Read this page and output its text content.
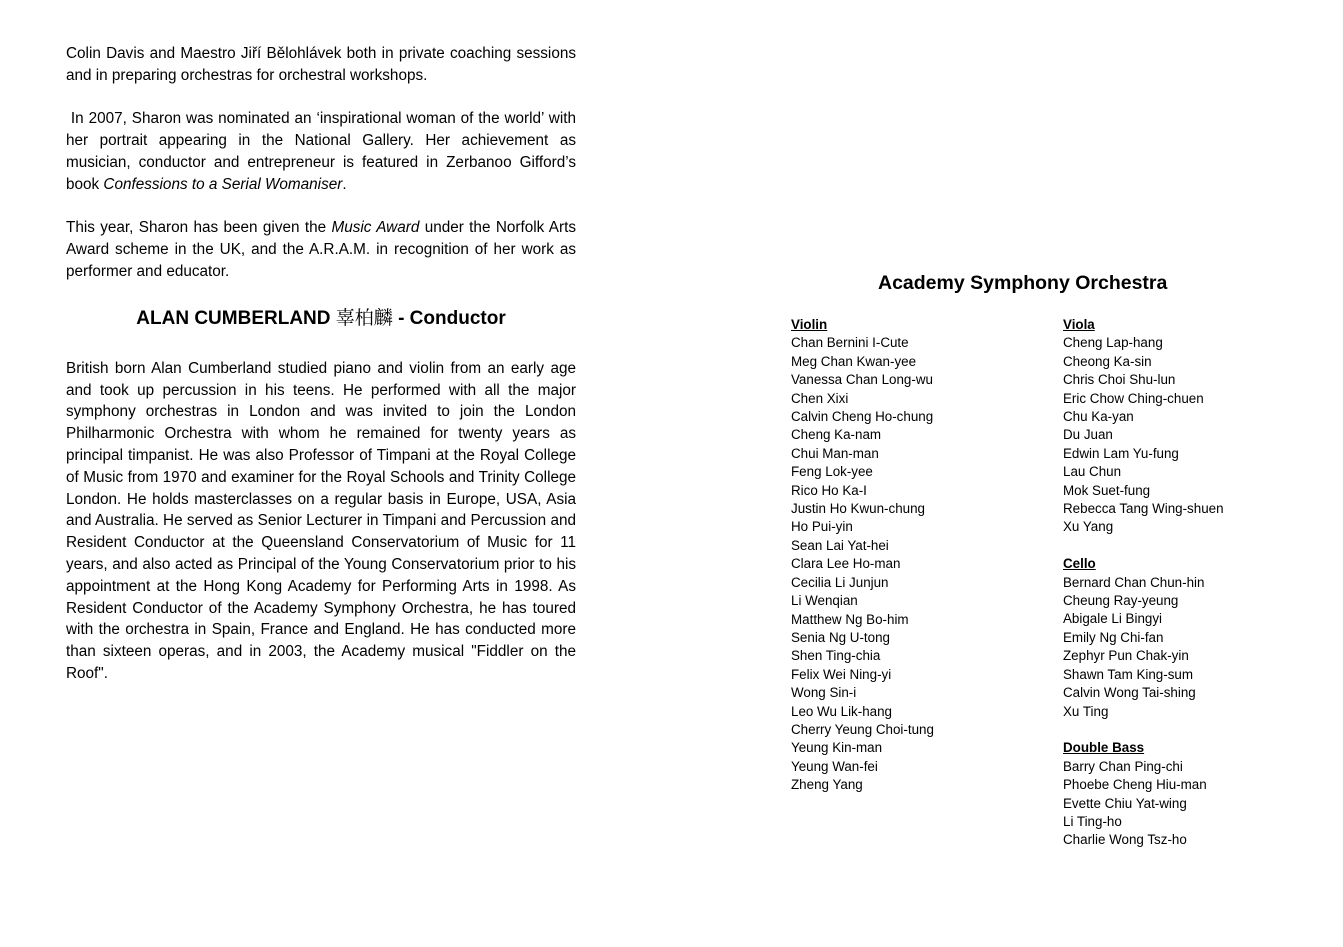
Colin Davis and Maestro Jiří Bělohlávek both in private coaching sessions and in preparing orchestras for orchestral workshops.

In 2007, Sharon was nominated an ‘inspirational woman of the world’ with her portrait appearing in the National Gallery. Her achievement as musician, conductor and entrepreneur is featured in Zerbanoo Gifford’s book Confessions to a Serial Womaniser.

This year, Sharon has been given the Music Award under the Norfolk Arts Award scheme in the UK, and the A.R.A.M. in recognition of her work as performer and educator.

ALAN CUMBERLAND 辜柏麟 - Conductor

British born Alan Cumberland studied piano and violin from an early age and took up percussion in his teens. He performed with all the major symphony orchestras in London and was invited to join the London Philharmonic Orchestra with whom he remained for twenty years as principal timpanist. He was also Professor of Timpani at the Royal College of Music from 1970 and examiner for the Royal Schools and Trinity College London. He holds masterclasses on a regular basis in Europe, USA, Asia and Australia. He served as Senior Lecturer in Timpani and Percussion and Resident Conductor at the Queensland Conservatorium of Music for 11 years, and also acted as Principal of the Young Conservatorium prior to his appointment at the Hong Kong Academy for Performing Arts in 1998. As Resident Conductor of the Academy Symphony Orchestra, he has toured with the orchestra in Spain, France and England. He has conducted more than sixteen operas, and in 2003, the Academy musical "Fiddler on the Roof".

Academy Symphony Orchestra

Violin

Chan Bernini I-Cute

Meg Chan Kwan-yee

Vanessa Chan Long-wu

Chen Xixi

Calvin Cheng Ho-chung

Cheng Ka-nam

Chui Man-man

Feng Lok-yee

Rico Ho Ka-I

Justin Ho Kwun-chung

Ho Pui-yin

Sean Lai Yat-hei

Clara Lee Ho-man

Cecilia Li Junjun

Li Wenqian

Matthew Ng Bo-him

Senia Ng U-tong

Shen Ting-chia

Felix Wei Ning-yi

Wong Sin-i

Leo Wu Lik-hang

Cherry Yeung Choi-tung

Yeung Kin-man

Yeung Wan-fei

Zheng Yang

Viola

Cheng Lap-hang

Cheong Ka-sin

Chris Choi Shu-lun

Eric Chow Ching-chuen

Chu Ka-yan

Du Juan

Edwin Lam Yu-fung

Lau Chun

Mok Suet-fung

Rebecca Tang Wing-shuen

Xu Yang

Cello

Bernard Chan Chun-hin

Cheung Ray-yeung

Abigale Li Bingyi

Emily Ng Chi-fan

Zephyr Pun Chak-yin

Shawn Tam King-sum

Calvin Wong Tai-shing

Xu Ting

Double Bass

Barry Chan Ping-chi

Phoebe Cheng Hiu-man

Evette Chiu Yat-wing

Li Ting-ho

Charlie Wong Tsz-ho
